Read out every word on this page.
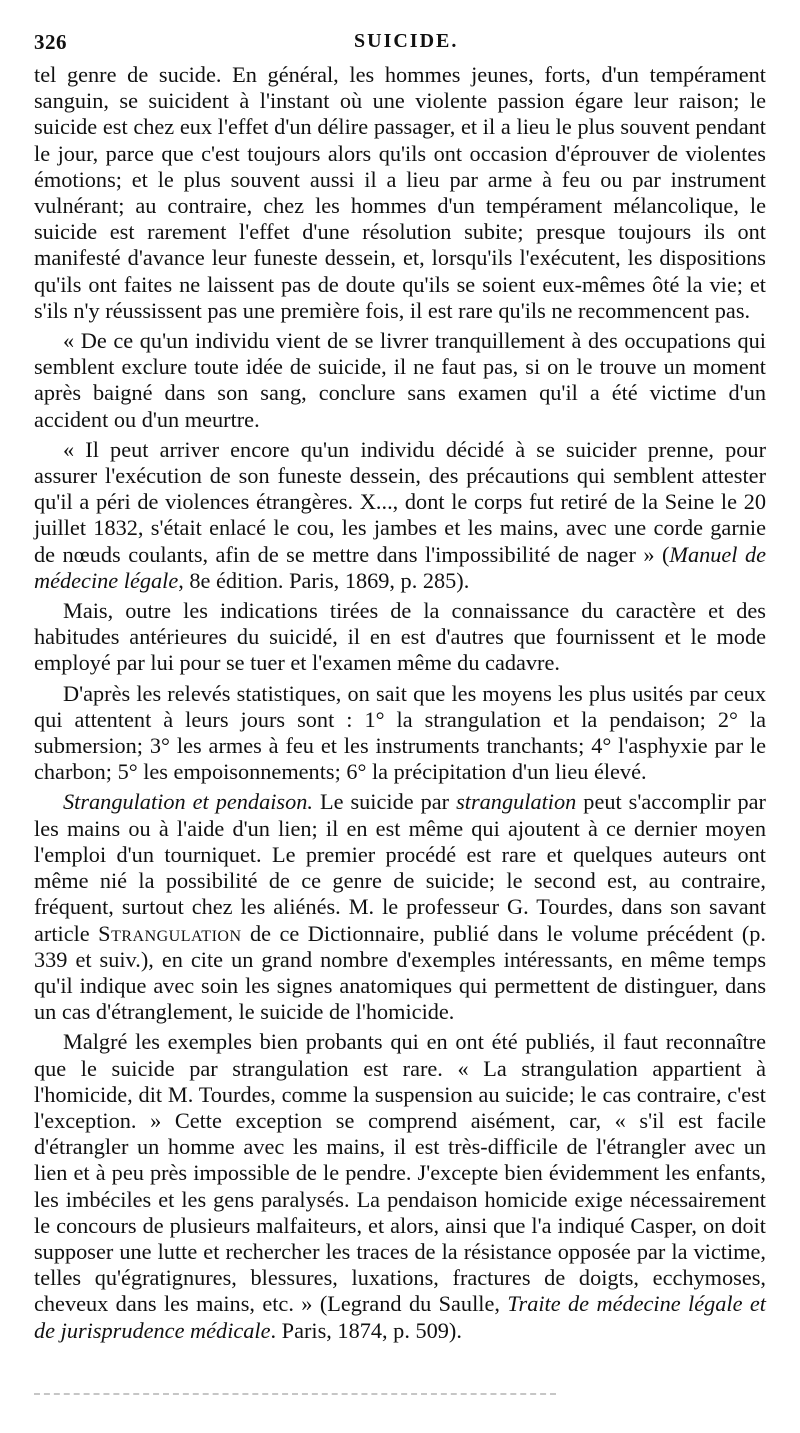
326	SUICIDE.

tel genre de sucide. En général, les hommes jeunes, forts, d'un tempérament sanguin, se suicident à l'instant où une violente passion égare leur raison; le suicide est chez eux l'effet d'un délire passager, et il a lieu le plus souvent pendant le jour, parce que c'est toujours alors qu'ils ont occasion d'éprouver de violentes émotions; et le plus souvent aussi il a lieu par arme à feu ou par instrument vulnérant; au contraire, chez les hommes d'un tempérament mélancolique, le suicide est rarement l'effet d'une résolution subite; presque toujours ils ont manifesté d'avance leur funeste dessein, et, lorsqu'ils l'exécutent, les dispositions qu'ils ont faites ne laissent pas de doute qu'ils se soient eux-mêmes ôté la vie; et s'ils n'y réussissent pas une première fois, il est rare qu'ils ne recommencent pas.

« De ce qu'un individu vient de se livrer tranquillement à des occupations qui semblent exclure toute idée de suicide, il ne faut pas, si on le trouve un moment après baigné dans son sang, conclure sans examen qu'il a été victime d'un accident ou d'un meurtre.

« Il peut arriver encore qu'un individu décidé à se suicider prenne, pour assurer l'exécution de son funeste dessein, des précautions qui semblent attester qu'il a péri de violences étrangères. X..., dont le corps fut retiré de la Seine le 20 juillet 1832, s'était enlacé le cou, les jambes et les mains, avec une corde garnie de nœuds coulants, afin de se mettre dans l'impossibilité de nager » (Manuel de médecine légale, 8e édition. Paris, 1869, p. 285).

Mais, outre les indications tirées de la connaissance du caractère et des habitudes antérieures du suicidé, il en est d'autres que fournissent et le mode employé par lui pour se tuer et l'examen même du cadavre.

D'après les relevés statistiques, on sait que les moyens les plus usités par ceux qui attentent à leurs jours sont : 1° la strangulation et la pendaison; 2° la submersion; 3° les armes à feu et les instruments tranchants; 4° l'asphyxie par le charbon; 5° les empoisonnements; 6° la précipitation d'un lieu élevé.

Strangulation et pendaison. Le suicide par strangulation peut s'accomplir par les mains ou à l'aide d'un lien; il en est même qui ajoutent à ce dernier moyen l'emploi d'un tourniquet. Le premier procédé est rare et quelques auteurs ont même nié la possibilité de ce genre de suicide; le second est, au contraire, fréquent, surtout chez les aliénés. M. le professeur G. Tourdes, dans son savant article Strangulation de ce Dictionnaire, publié dans le volume précédent (p. 339 et suiv.), en cite un grand nombre d'exemples intéressants, en même temps qu'il indique avec soin les signes anatomiques qui permettent de distinguer, dans un cas d'étranglement, le suicide de l'homicide.

Malgré les exemples bien probants qui en ont été publiés, il faut reconnaître que le suicide par strangulation est rare. « La strangulation appartient à l'homicide, dit M. Tourdes, comme la suspension au suicide; le cas contraire, c'est l'exception. » Cette exception se comprend aisément, car, « s'il est facile d'étrangler un homme avec les mains, il est très-difficile de l'étrangler avec un lien et à peu près impossible de le pendre. J'excepte bien évidemment les enfants, les imbéciles et les gens paralysés. La pendaison homicide exige nécessairement le concours de plusieurs malfaiteurs, et alors, ainsi que l'a indiqué Casper, on doit supposer une lutte et rechercher les traces de la résistance opposée par la victime, telles qu'égratignures, blessures, luxations, fractures de doigts, ecchymoses, cheveux dans les mains, etc. » (Legrand du Saulle, Traite de médecine légale et de jurisprudence médicale. Paris, 1874, p. 509).
